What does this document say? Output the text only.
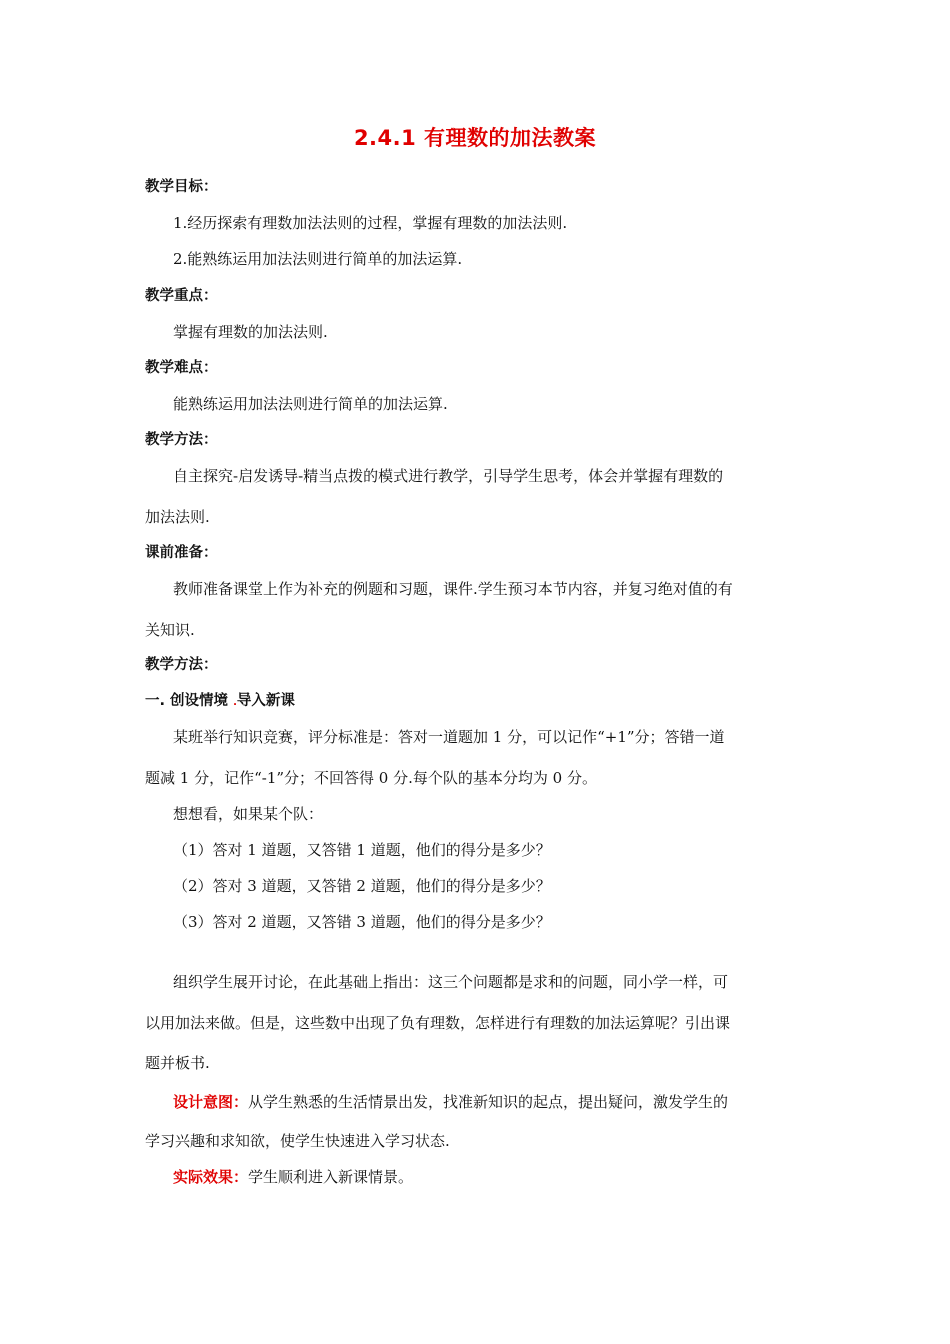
2.4.1 有理数的加法教案
教学目标：
1.经历探索有理数加法法则的过程，掌握有理数的加法法则.
2.能熟练运用加法法则进行简单的加法运算.
教学重点：
掌握有理数的加法法则.
教学难点：
能熟练运用加法法则进行简单的加法运算.
教学方法：
自主探究-启发诱导-精当点拨的模式进行教学，引导学生思考，体会并掌握有理数的
加法法则.
课前准备：
教师准备课堂上作为补充的例题和习题，课件.学生预习本节内容，并复习绝对值的有
关知识.
教学方法：
一. 创设情境 .导入新课
某班举行知识竞赛，评分标准是：答对一道题加 1 分，可以记作“+1”分；答错一道
题减 1 分，记作“-1”分；不回答得 0 分.每个队的基本分均为 0 分。
想想看，如果某个队：
（1）答对 1 道题，又答错 1 道题，他们的得分是多少？
（2）答对 3 道题，又答错 2 道题，他们的得分是多少？
（3）答对 2 道题，又答错 3 道题，他们的得分是多少？
组织学生展开讨论，在此基础上指出：这三个问题都是求和的问题，同小学一样，可
以用加法来做。但是，这些数中出现了负有理数，怎样进行有理数的加法运算呢？引出课
题并板书.
设计意图：从学生熟悉的生活情景出发，找准新知识的起点，提出疑问，激发学生的
学习兴趣和求知欲，使学生快速进入学习状态.
实际效果：学生顺利进入新课情景。
